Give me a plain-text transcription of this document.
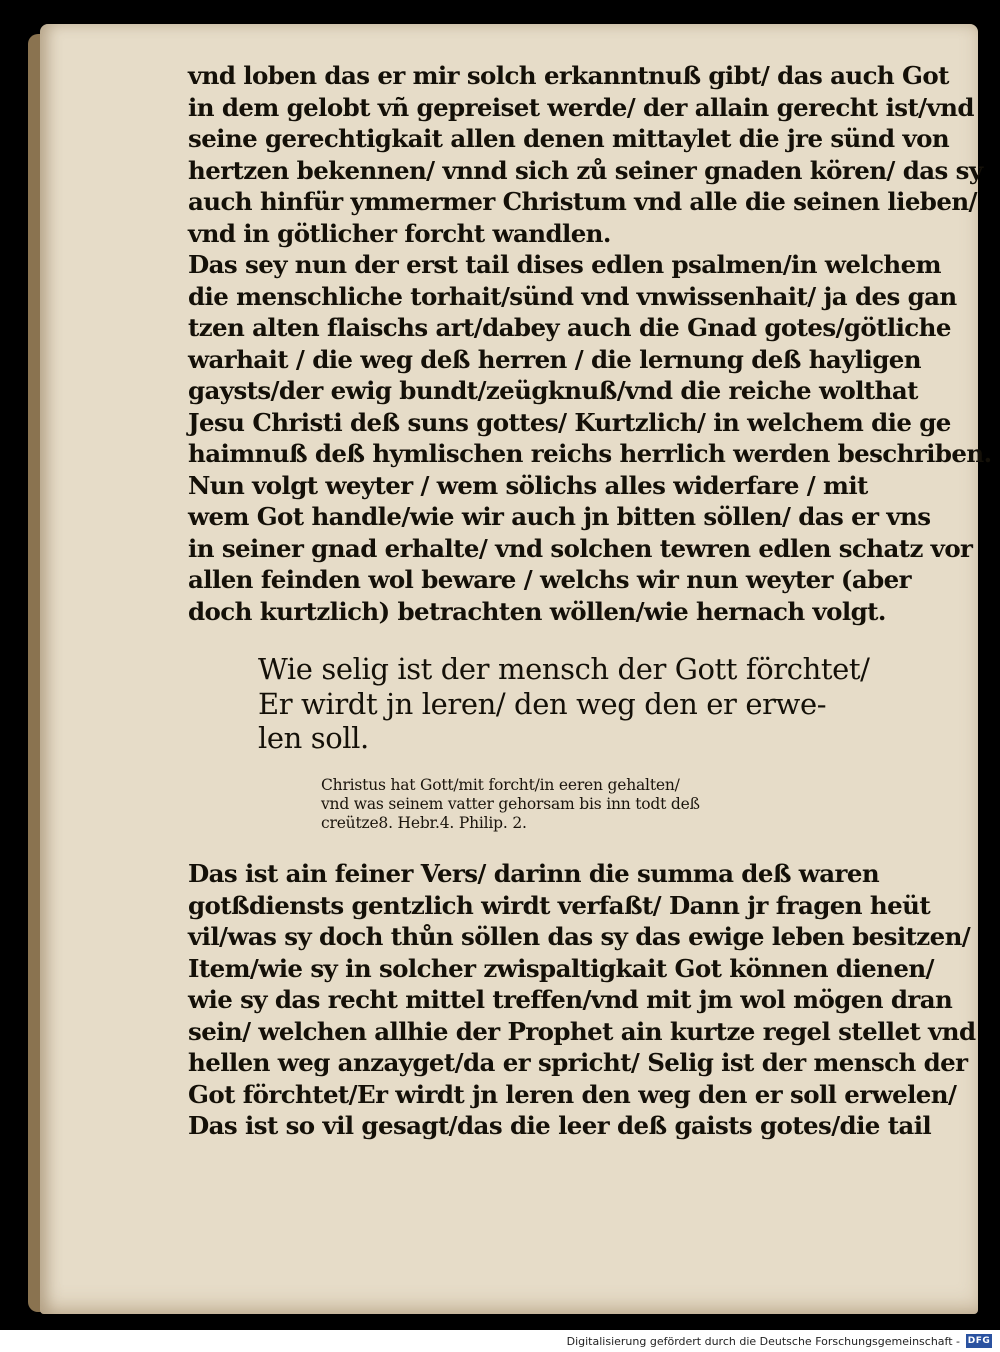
vnd loben das er mir solch erkanntnuß gibt/ das auch Got
in dem gelobt vñ gepreiset werde/ der allain gerecht ist/vnd
seine gerechtigkait allen denen mittaylet die jre sünd von
hertzen bekennen/ vnnd sich zů seiner gnaden kören/ das sy
auch hinfür ymmermer Christum vnd alle die seinen lieben/
vnd in götlicher forcht wandlen.
Das sey nun der erst tail dises edlen psalmen/in welchem
die menschliche torhait/sünd vnd vnwissenhait/ ja des gan
tzen alten flaischs art/dabey auch die Gnad gotes/götliche
warhait / die weg deß herren / die lernung deß hayligen
gaysts/der ewig bundt/zeügknuß/vnd die reiche wolthat
Jesu Christi deß suns gottes/ Kurtzlich/ in welchem die ge
haimnuß deß hymlischen reichs herrlich werden beschriben.
Nun volgt weyter / wem sölichs alles widerfare / mit
wem Got handle/wie wir auch jn bitten söllen/ das er vns
in seiner gnad erhalte/ vnd solchen tewren edlen schatz vor
allen feinden wol beware / welchs wir nun weyter (aber
doch kurtzlich) betrachten wöllen/wie hernach volgt.
Wie selig ist der mensch der Gott förchtet/
Er wirdt jn leren/ den weg den er erwe-
len soll.
Christus hat Gott/mit forcht/in eeren gehalten/
vnd was seinem vatter gehorsam bis inn todt deß
creütze8. Hebr.4. Philip. 2.
Das ist ain feiner Vers/ darinn die summa deß waren
gotßdiensts gentzlich wirdt verfaßt/ Dann jr fragen heüt
vil/was sy doch thůn söllen das sy das ewige leben besitzen/
Item/wie sy in solcher zwispaltigkait Got können dienen/
wie sy das recht mittel treffen/vnd mit jm wol mögen dran
sein/ welchen allhie der Prophet ain kurtze regel stellet vnd
hellen weg anzayget/da er spricht/ Selig ist der mensch der
Got förchtet/Er wirdt jn leren den weg den er soll erwelen/
Das ist so vil gesagt/das die leer deß gaists gotes/die tail
Digitalisierung gefördert durch die Deutsche Forschungsgemeinschaft - DFG
